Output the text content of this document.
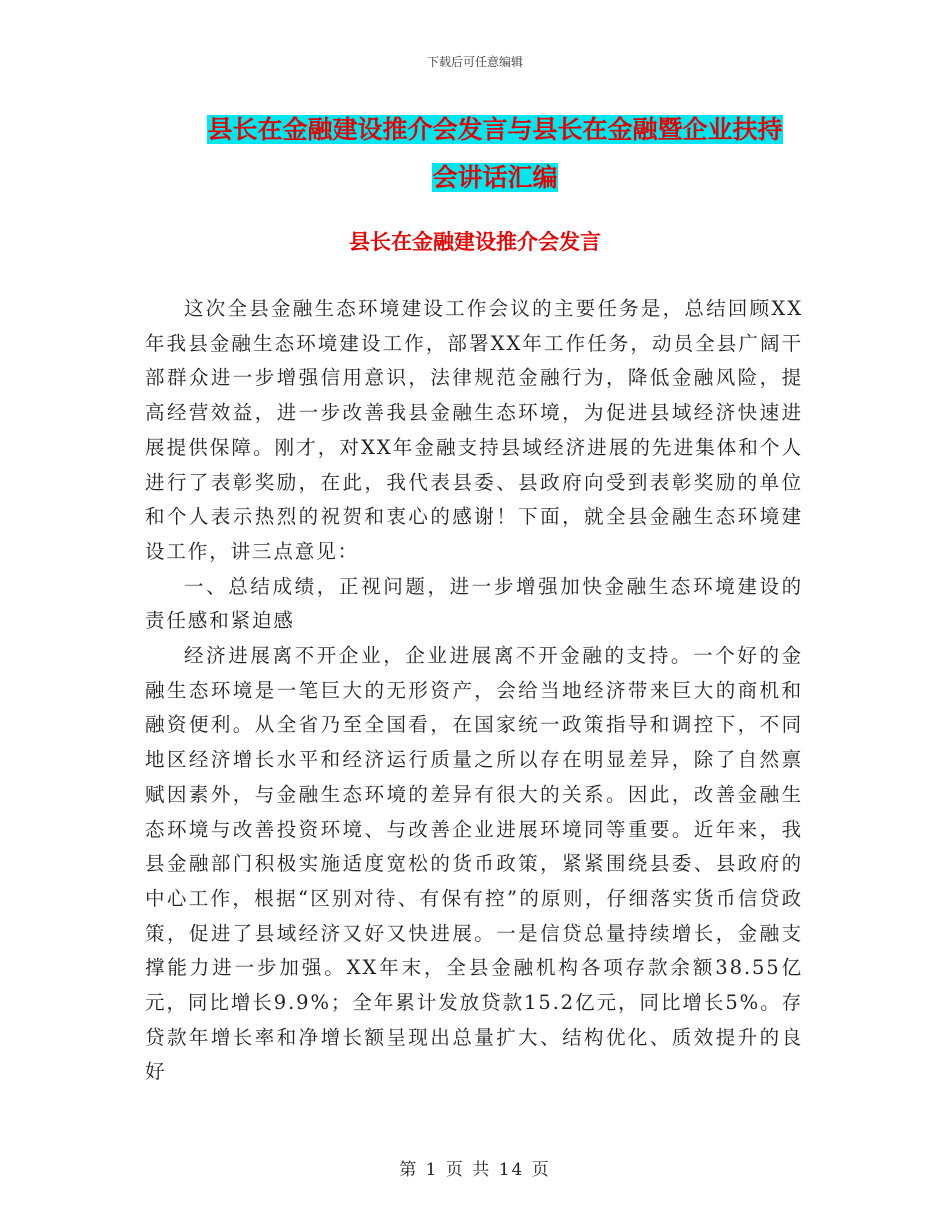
下载后可任意编辑
县长在金融建设推介会发言与县长在金融暨企业扶持
会讲话汇编
县长在金融建设推介会发言

这次全县金融生态环境建设工作会议的主要任务是，总结回顾XX年我县金融生态环境建设工作，部署XX年工作任务，动员全县广阔干部群众进一步增强信用意识，法律规范金融行为，降低金融风险，提高经营效益，进一步改善我县金融生态环境，为促进县域经济快速进展提供保障。刚才，对XX年金融支持县域经济进展的先进集体和个人进行了表彰奖励，在此，我代表县委、县政府向受到表彰奖励的单位和个人表示热烈的祝贺和衷心的感谢！下面，就全县金融生态环境建设工作，讲三点意见：

一、总结成绩，正视问题，进一步增强加快金融生态环境建设的责任感和紧迫感

经济进展离不开企业，企业进展离不开金融的支持。一个好的金融生态环境是一笔巨大的无形资产，会给当地经济带来巨大的商机和融资便利。从全省乃至全国看，在国家统一政策指导和调控下，不同地区经济增长水平和经济运行质量之所以存在明显差异，除了自然禀赋因素外，与金融生态环境的差异有很大的关系。因此，改善金融生态环境与改善投资环境、与改善企业进展环境同等重要。近年来，我县金融部门积极实施适度宽松的货币政策，紧紧围绕县委、县政府的中心工作，根据“区别对待、有保有控”的原则，仔细落实货币信贷政策，促进了县域经济又好又快进展。一是信贷总量持续增长，金融支撑能力进一步加强。XX年末，全县金融机构各项存款余额38.55亿元，同比增长9.9%；全年累计发放贷款15.2亿元，同比增长5%。存贷款年增长率和净增长额呈现出总量扩大、结构优化、质效提升的良好

第 1 页 共 14 页
